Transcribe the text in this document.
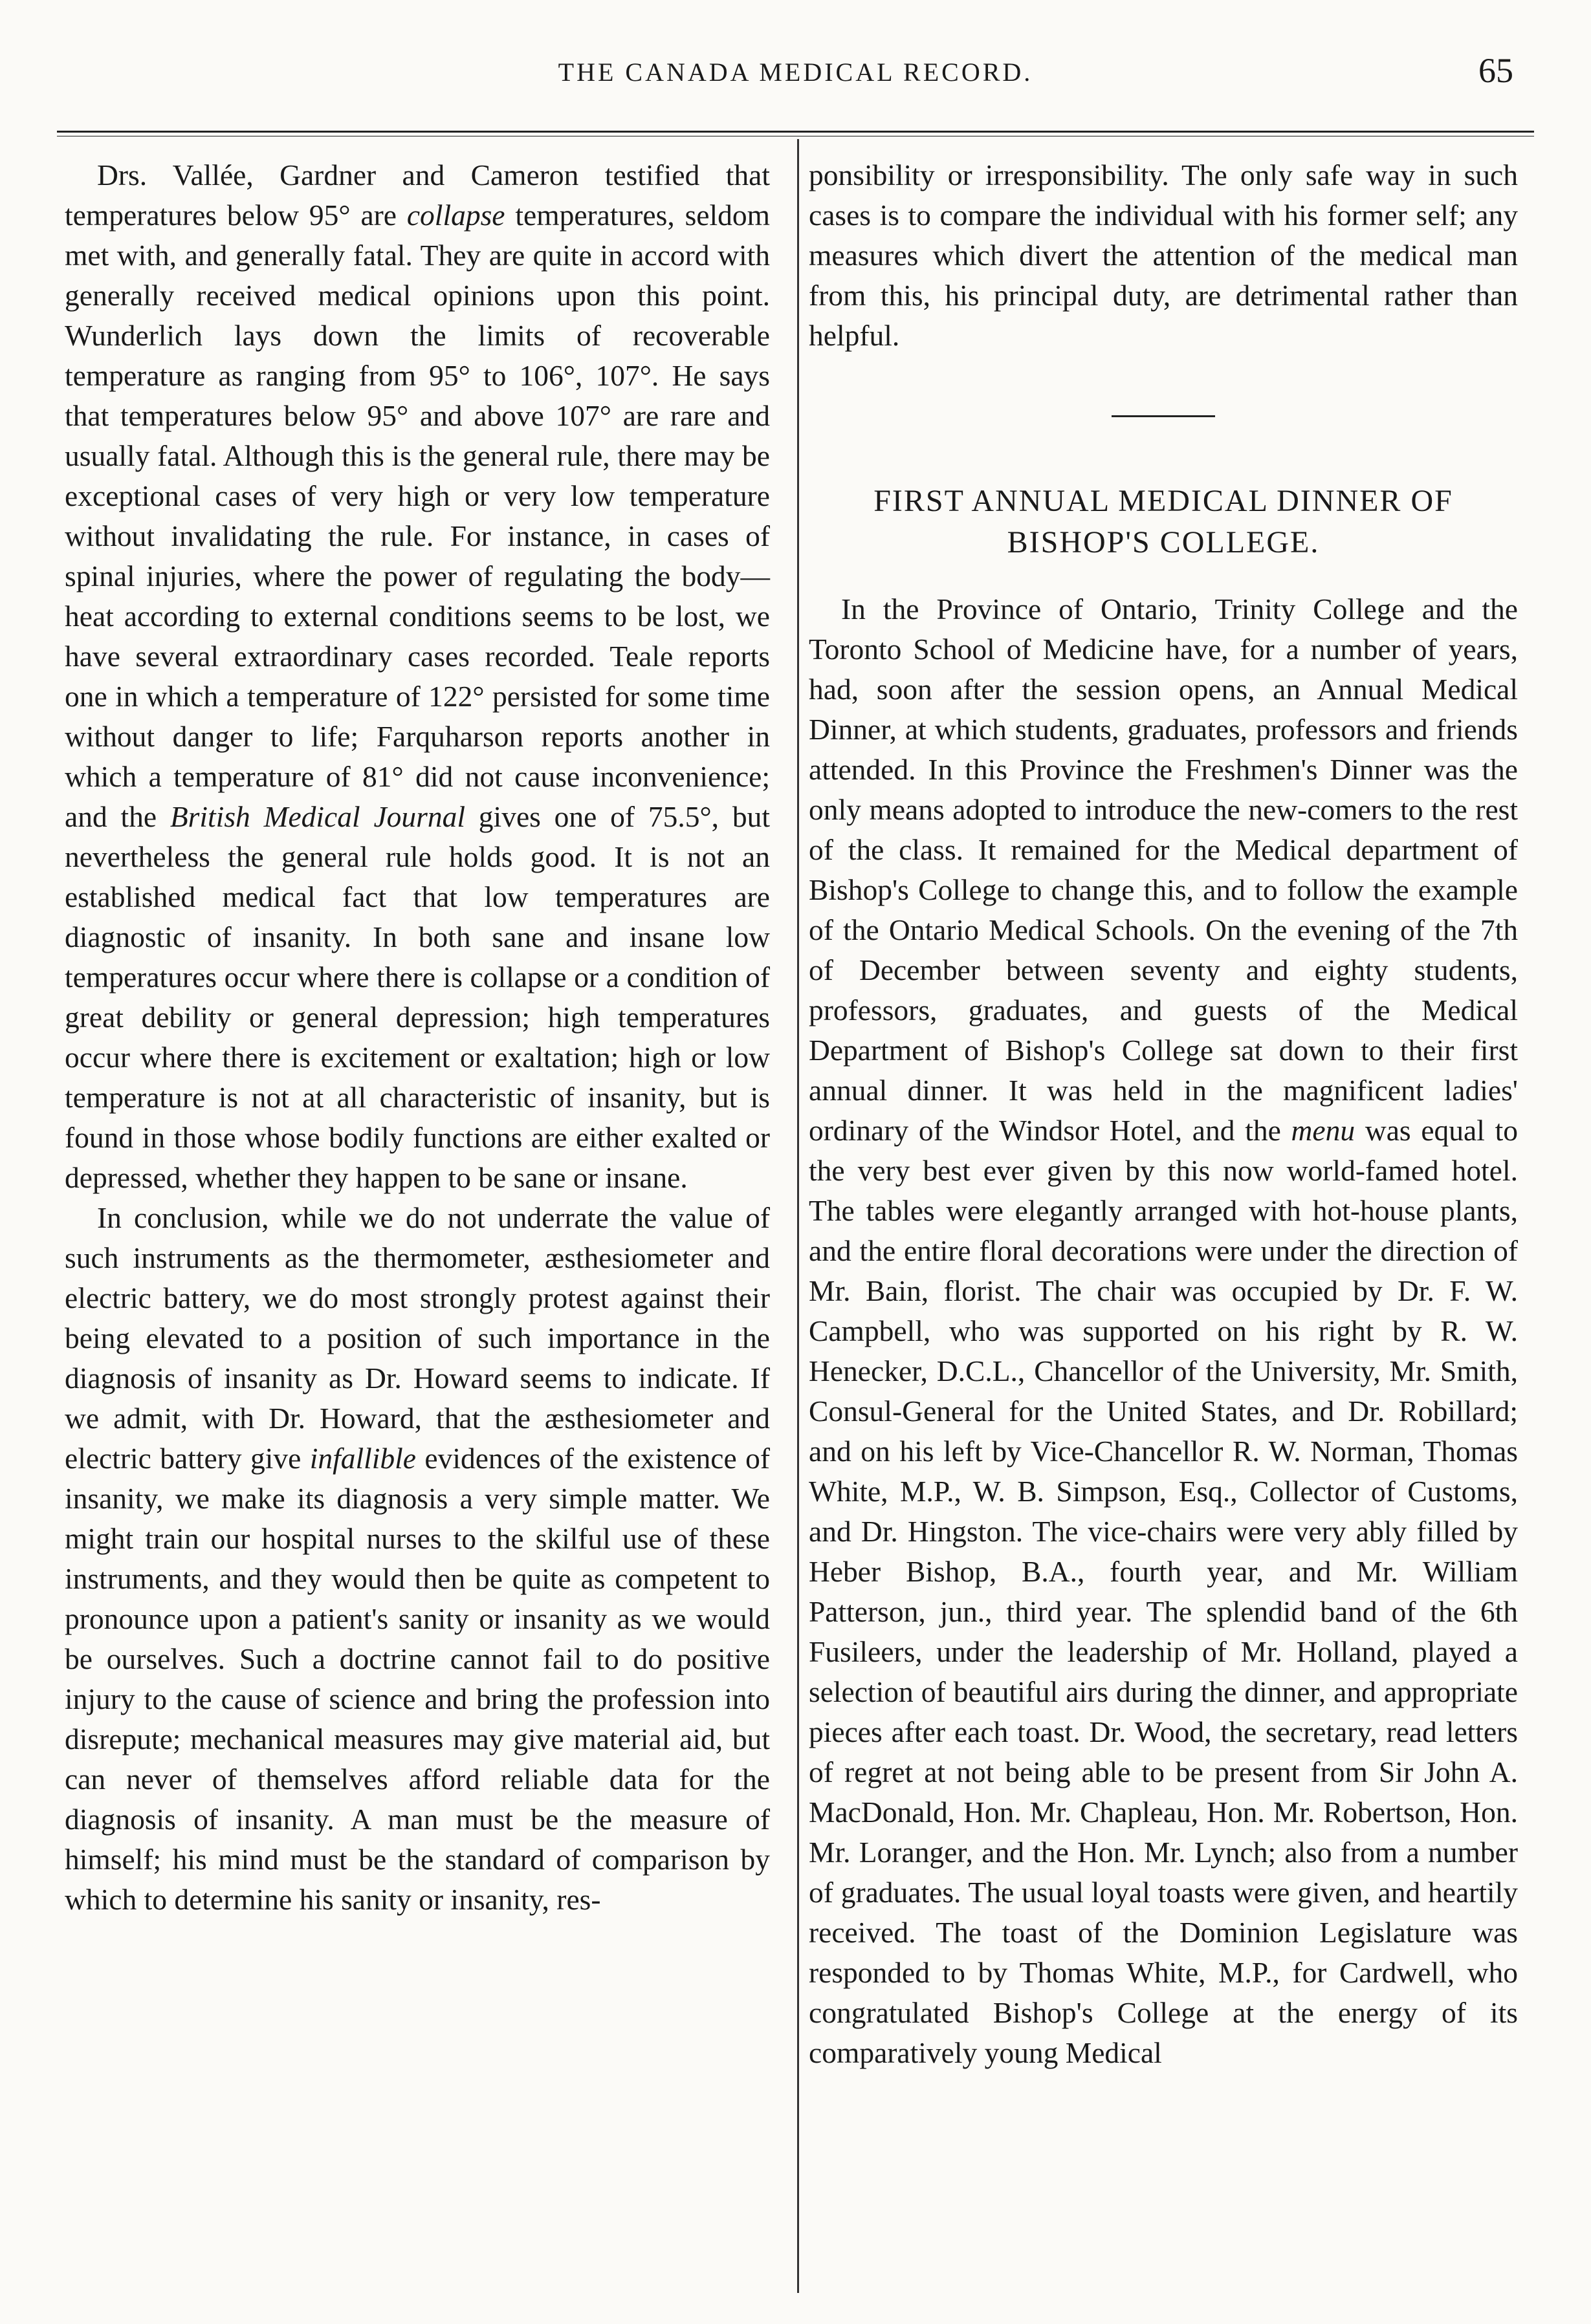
THE CANADA MEDICAL RECORD.	65

Drs. Vallée, Gardner and Cameron testified that temperatures below 95° are collapse temperatures, seldom met with, and generally fatal. They are quite in accord with generally received medical opinions upon this point. Wunderlich lays down the limits of recoverable temperature as ranging from 95° to 106°, 107°. He says that temperatures below 95° and above 107° are rare and usually fatal. Although this is the general rule, there may be exceptional cases of very high or very low temperature without invalidating the rule. For instance, in cases of spinal injuries, where the power of regulating the body—heat according to external conditions seems to be lost, we have several extraordinary cases recorded. Teale reports one in which a temperature of 122° persisted for some time without danger to life; Farquharson reports another in which a temperature of 81° did not cause inconvenience; and the British Medical Journal gives one of 75.5°, but nevertheless the general rule holds good. It is not an established medical fact that low temperatures are diagnostic of insanity. In both sane and insane low temperatures occur where there is collapse or a condition of great debility or general depression; high temperatures occur where there is excitement or exaltation; high or low temperature is not at all characteristic of insanity, but is found in those whose bodily functions are either exalted or depressed, whether they happen to be sane or insane.

In conclusion, while we do not underrate the value of such instruments as the thermometer, æsthesiometer and electric battery, we do most strongly protest against their being elevated to a position of such importance in the diagnosis of insanity as Dr. Howard seems to indicate. If we admit, with Dr. Howard, that the æsthesiometer and electric battery give infallible evidences of the existence of insanity, we make its diagnosis a very simple matter. We might train our hospital nurses to the skilful use of these instruments, and they would then be quite as competent to pronounce upon a patient's sanity or insanity as we would be ourselves. Such a doctrine cannot fail to do positive injury to the cause of science and bring the profession into disrepute; mechanical measures may give material aid, but can never of themselves afford reliable data for the diagnosis of insanity. A man must be the measure of himself; his mind must be the standard of comparison by which to determine his sanity or insanity, res-

ponsibility or irresponsibility. The only safe way in such cases is to compare the individual with his former self; any measures which divert the attention of the medical man from this, his principal duty, are detrimental rather than helpful.

FIRST ANNUAL MEDICAL DINNER OF
BISHOP'S COLLEGE.

In the Province of Ontario, Trinity College and the Toronto School of Medicine have, for a number of years, had, soon after the session opens, an Annual Medical Dinner, at which students, graduates, professors and friends attended. In this Province the Freshmen's Dinner was the only means adopted to introduce the new-comers to the rest of the class. It remained for the Medical department of Bishop's College to change this, and to follow the example of the Ontario Medical Schools. On the evening of the 7th of December between seventy and eighty students, professors, graduates, and guests of the Medical Department of Bishop's College sat down to their first annual dinner. It was held in the magnificent ladies' ordinary of the Windsor Hotel, and the menu was equal to the very best ever given by this now world-famed hotel. The tables were elegantly arranged with hot-house plants, and the entire floral decorations were under the direction of Mr. Bain, florist. The chair was occupied by Dr. F. W. Campbell, who was supported on his right by R. W. Henecker, D.C.L., Chancellor of the University, Mr. Smith, Consul-General for the United States, and Dr. Robillard; and on his left by Vice-Chancellor R. W. Norman, Thomas White, M.P., W. B. Simpson, Esq., Collector of Customs, and Dr. Hingston. The vice-chairs were very ably filled by Heber Bishop, B.A., fourth year, and Mr. William Patterson, jun., third year. The splendid band of the 6th Fusileers, under the leadership of Mr. Holland, played a selection of beautiful airs during the dinner, and appropriate pieces after each toast. Dr. Wood, the secretary, read letters of regret at not being able to be present from Sir John A. MacDonald, Hon. Mr. Chapleau, Hon. Mr. Robertson, Hon. Mr. Loranger, and the Hon. Mr. Lynch; also from a number of graduates. The usual loyal toasts were given, and heartily received. The toast of the Dominion Legislature was responded to by Thomas White, M.P., for Cardwell, who congratulated Bishop's College at the energy of its comparatively young Medical
